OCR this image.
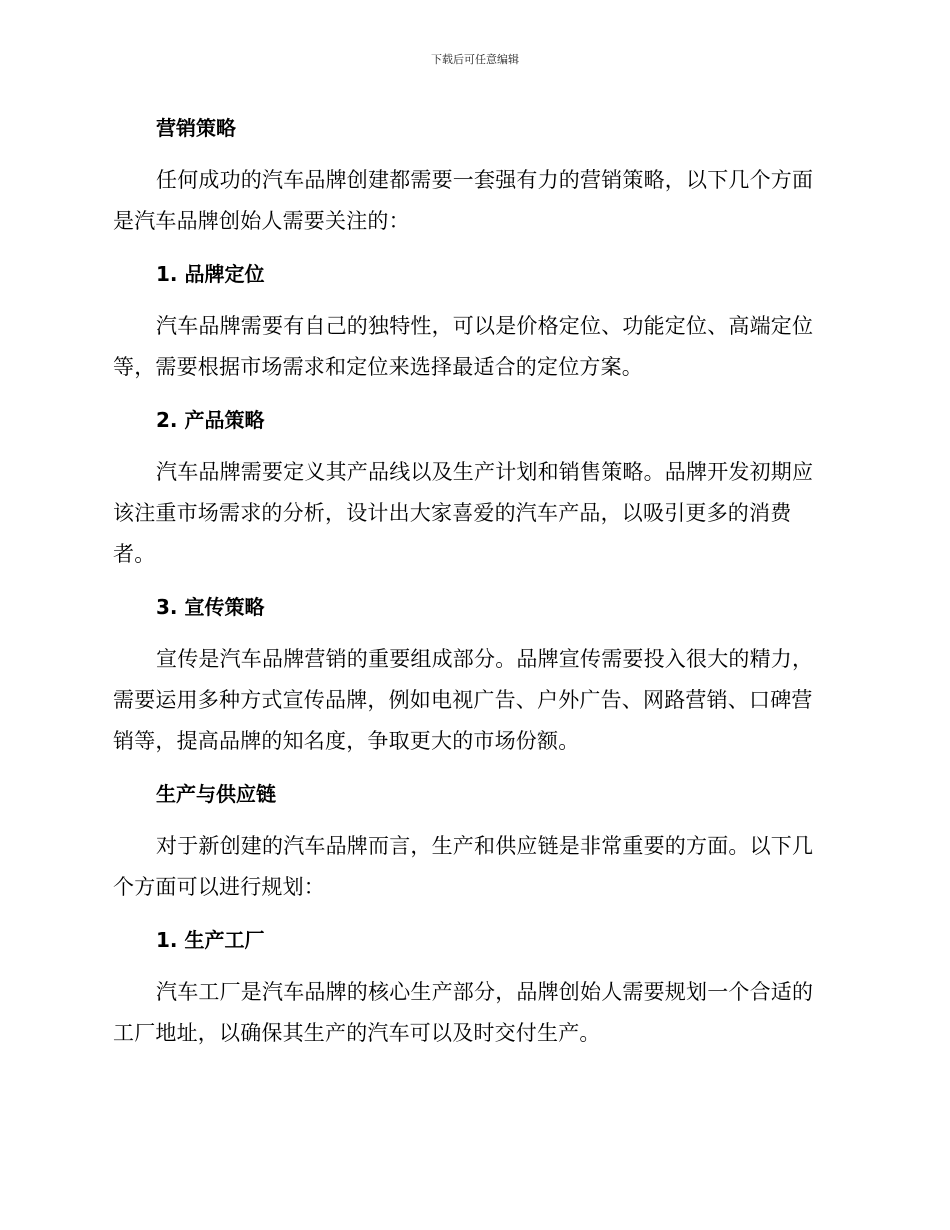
下载后可任意编辑
营销策略

任何成功的汽车品牌创建都需要一套强有力的营销策略，以下几个方面是汽车品牌创始人需要关注的：

1. 品牌定位

汽车品牌需要有自己的独特性，可以是价格定位、功能定位、高端定位等，需要根据市场需求和定位来选择最适合的定位方案。

2. 产品策略

汽车品牌需要定义其产品线以及生产计划和销售策略。品牌开发初期应该注重市场需求的分析，设计出大家喜爱的汽车产品，以吸引更多的消费者。

3. 宣传策略

宣传是汽车品牌营销的重要组成部分。品牌宣传需要投入很大的精力，需要运用多种方式宣传品牌，例如电视广告、户外广告、网路营销、口碑营销等，提高品牌的知名度，争取更大的市场份额。

生产与供应链

对于新创建的汽车品牌而言，生产和供应链是非常重要的方面。以下几个方面可以进行规划：

1. 生产工厂

汽车工厂是汽车品牌的核心生产部分，品牌创始人需要规划一个合适的工厂地址，以确保其生产的汽车可以及时交付生产。
